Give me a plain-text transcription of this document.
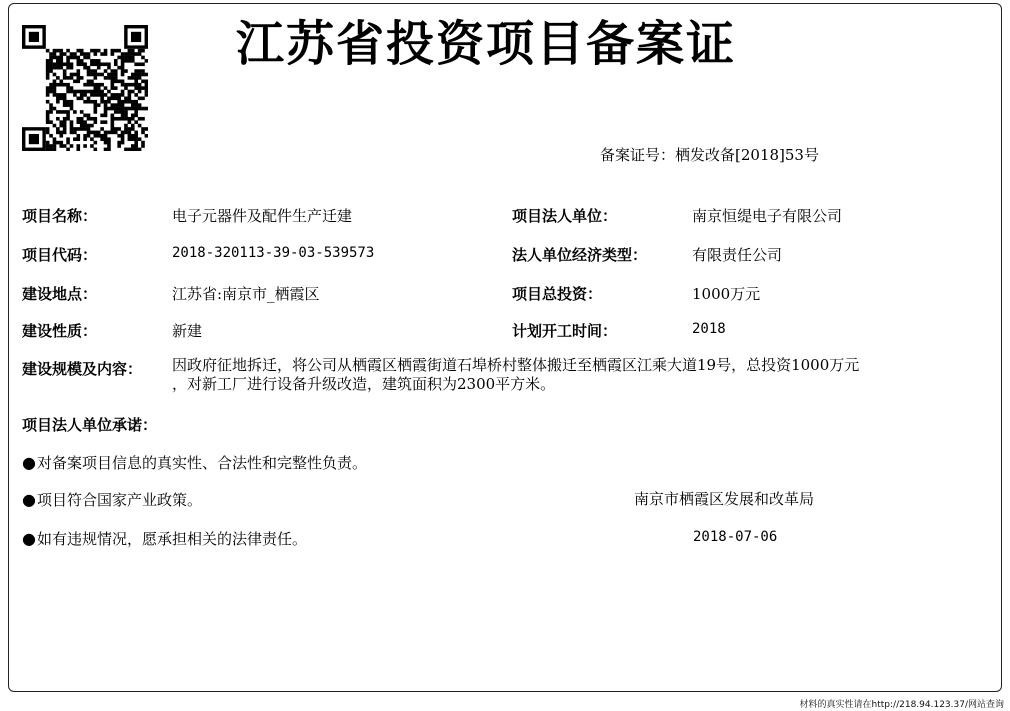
江苏省投资项目备案证
备案证号：栖发改备[2018]53号
项目名称：	电子元器件及配件生产迁建	项目法人单位：	南京恒缇电子有限公司
项目代码：	2018-320113-39-03-539573	法人单位经济类型：	有限责任公司
建设地点：	江苏省:南京市_栖霞区	项目总投资：	1000万元
建设性质：	新建	计划开工时间：	2018
建设规模及内容： 因政府征地拆迁，将公司从栖霞区栖霞街道石埠桥村整体搬迁至栖霞区江乘大道19号，总投资1000万元
，对新工厂进行设备升级改造，建筑面积为2300平方米。
项目法人单位承诺：
●对备案项目信息的真实性、合法性和完整性负责。
●项目符合国家产业政策。
●如有违规情况，愿承担相关的法律责任。
南京市栖霞区发展和改革局
2018-07-06
材料的真实性请在http://218.94.123.37/网站查询
